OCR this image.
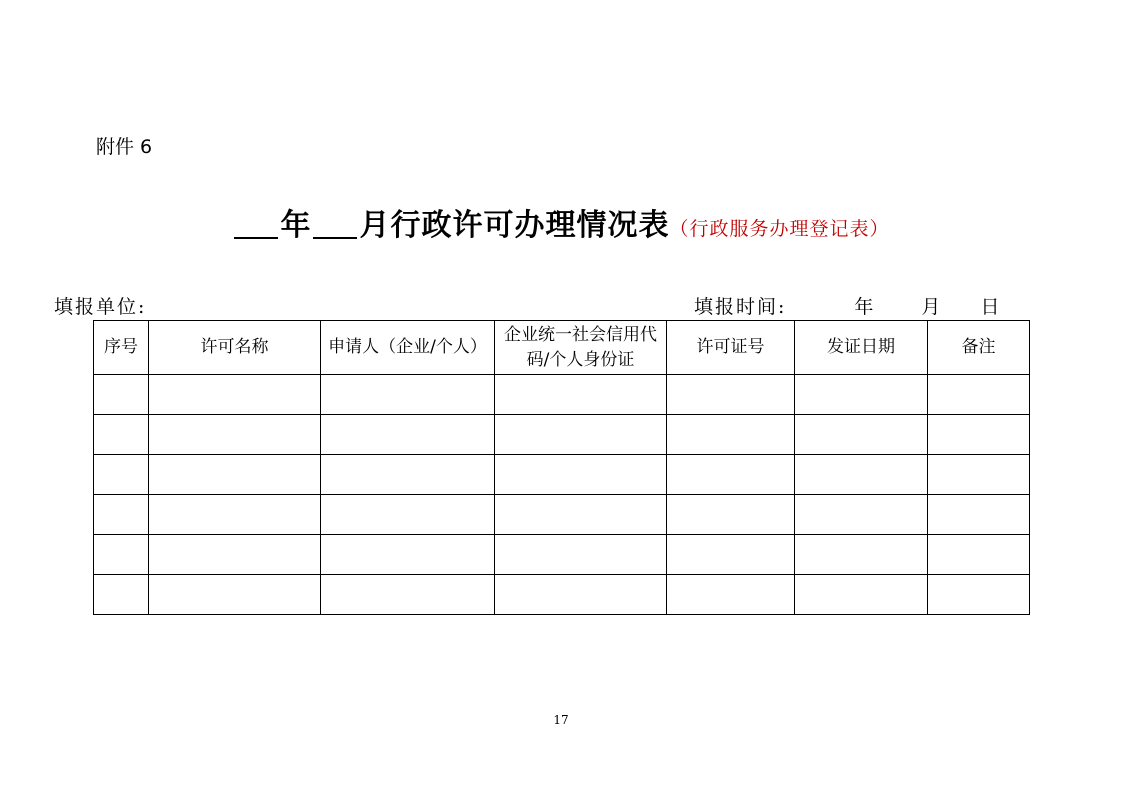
附件 6
年 月行政许可办理情况表（行政服务办理登记表）
填报单位:	填报时间:	年 月 日
序号	许可名称	申请人（企业/个人）	企业统一社会信用代码/个人身份证	许可证号	发证日期	备注

17
